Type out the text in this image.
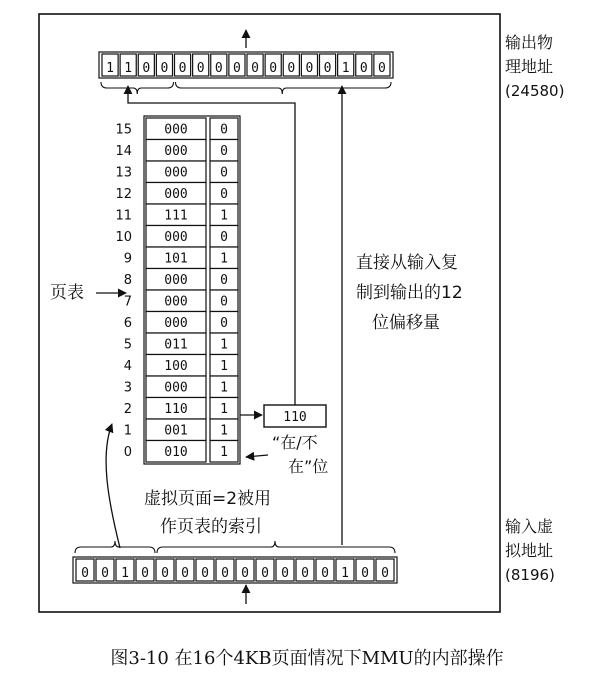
1 1 0 0 0 0 0 0 0 0 0 0 0 1 0 0
0 0 1 0 0 0 0 0 0 0 0 0 0 1 0 0
15 000 0
14 000 0
13 000 0
12 000 0
11 111 1
10 000 0
9 101 1
8 000 0
7 000 0
6 000 0
5 011 1
4 100 1
3 000 1
2 110 1
1 001 1
0 010 1
输出物
理地址
(24580)
输入虚
拟地址
(8196)
直接从输入复
制到输出的12
位偏移量
页表
110
“在/不
在”位
虚拟页面=2被用
作页表的索引
图3-10 在16个4KB页面情况下MMU的内部操作
